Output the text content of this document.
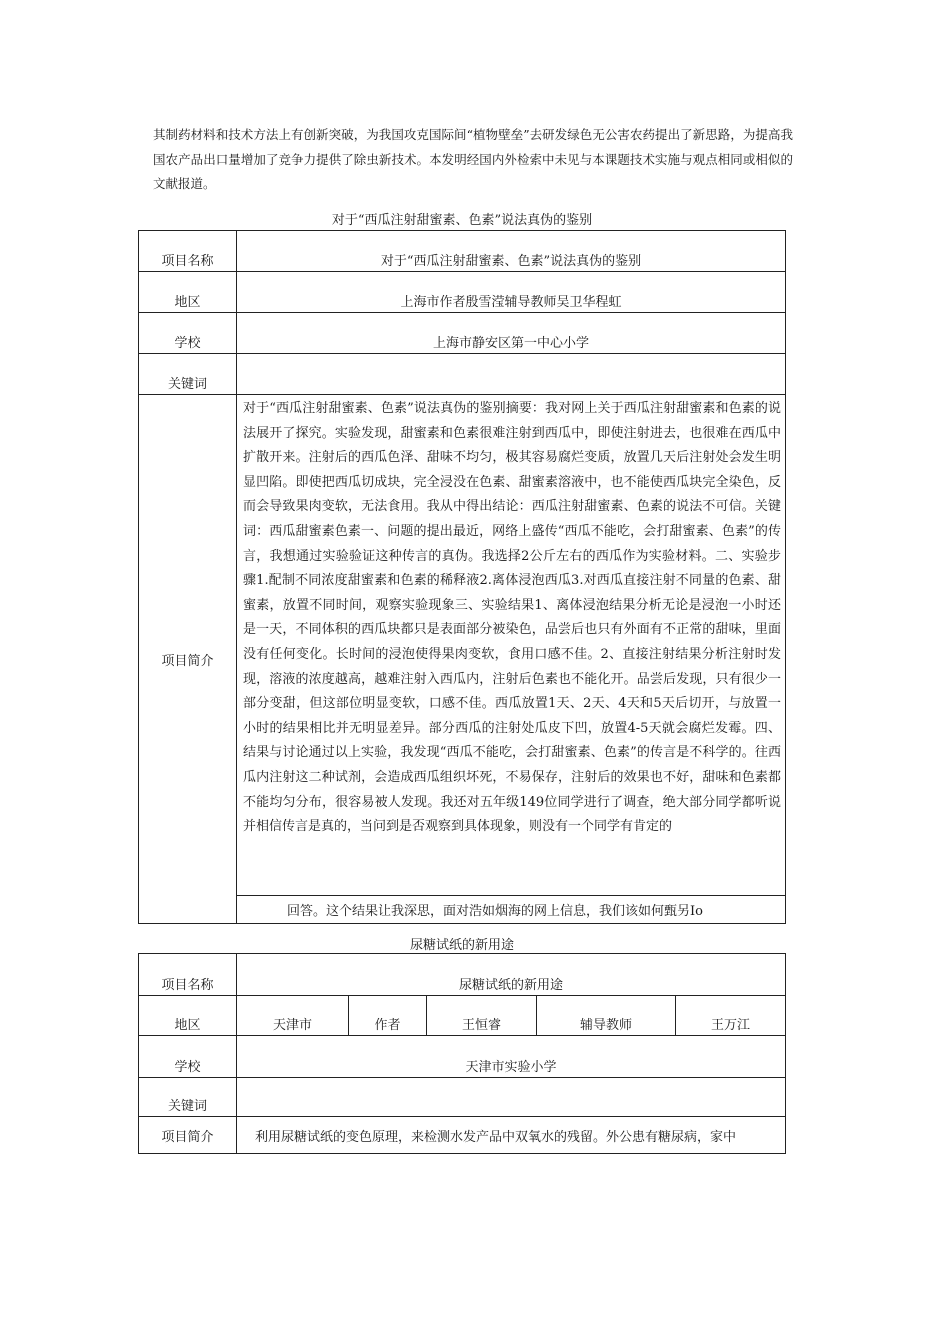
其制药材料和技术方法上有创新突破，为我国攻克国际间“植物壁垒”去研发绿色无公害农药提出了新思路，为提高我国农产品出口量增加了竞争力提供了除虫新技术。本发明经国内外检索中未见与本课题技术实施与观点相同或相似的文献报道。
对于“西瓜注射甜蜜素、色素”说法真伪的鉴别
项目名称	对于“西瓜注射甜蜜素、色素”说法真伪的鉴别
地区	上海市作者殷雪滢辅导教师吴卫华程虹
学校	上海市静安区第一中心小学
关键词	
项目简介	对于“西瓜注射甜蜜素、色素”说法真伪的鉴别摘要：我对网上关于西瓜注射甜蜜素和色素的说法展开了探究。实验发现，甜蜜素和色素很难注射到西瓜中，即使注射进去，也很难在西瓜中扩散开来。注射后的西瓜色泽、甜味不均匀，极其容易腐烂变质，放置几天后注射处会发生明显凹陷。即使把西瓜切成块，完全浸没在色素、甜蜜素溶液中，也不能使西瓜块完全染色，反而会导致果肉变软，无法食用。我从中得出结论：西瓜注射甜蜜素、色素的说法不可信。关键词：西瓜甜蜜素色素一、问题的提出最近，网络上盛传“西瓜不能吃，会打甜蜜素、色素”的传言，我想通过实验验证这种传言的真伪。我选择2公斤左右的西瓜作为实验材料。二、实验步骤1.配制不同浓度甜蜜素和色素的稀释液2.离体浸泡西瓜3.对西瓜直接注射不同量的色素、甜蜜素，放置不同时间，观察实验现象三、实验结果1、离体浸泡结果分析无论是浸泡一小时还是一天，不同体积的西瓜块都只是表面部分被染色，品尝后也只有外面有不正常的甜味，里面没有任何变化。长时间的浸泡使得果肉变软，食用口感不佳。2、直接注射结果分析注射时发现，溶液的浓度越高，越难注射入西瓜内，注射后色素也不能化开。品尝后发现，只有很少一部分变甜，但这部位明显变软，口感不佳。西瓜放置1天、2天、4天和5天后切开，与放置一小时的结果相比并无明显差异。部分西瓜的注射处瓜皮下凹，放置4-5天就会腐烂发霉。四、结果与讨论通过以上实验，我发现“西瓜不能吃，会打甜蜜素、色素”的传言是不科学的。往西瓜内注射这二种试剂，会造成西瓜组织坏死，不易保存，注射后的效果也不好，甜味和色素都不能均匀分布，很容易被人发现。我还对五年级149位同学进行了调查，绝大部分同学都听说并相信传言是真的，当问到是否观察到具体现象，则没有一个同学有肯定的
	回答。这个结果让我深思，面对浩如烟海的网上信息，我们该如何甄另Io
尿糖试纸的新用途
项目名称	尿糖试纸的新用途				
地区	天津市	作者	王恒睿	辅导教师	王万江
学校	天津市实验小学				
关键词					
项目简介	利用尿糖试纸的变色原理，来检测水发产品中双氧水的残留。外公患有糖尿病，家中				
